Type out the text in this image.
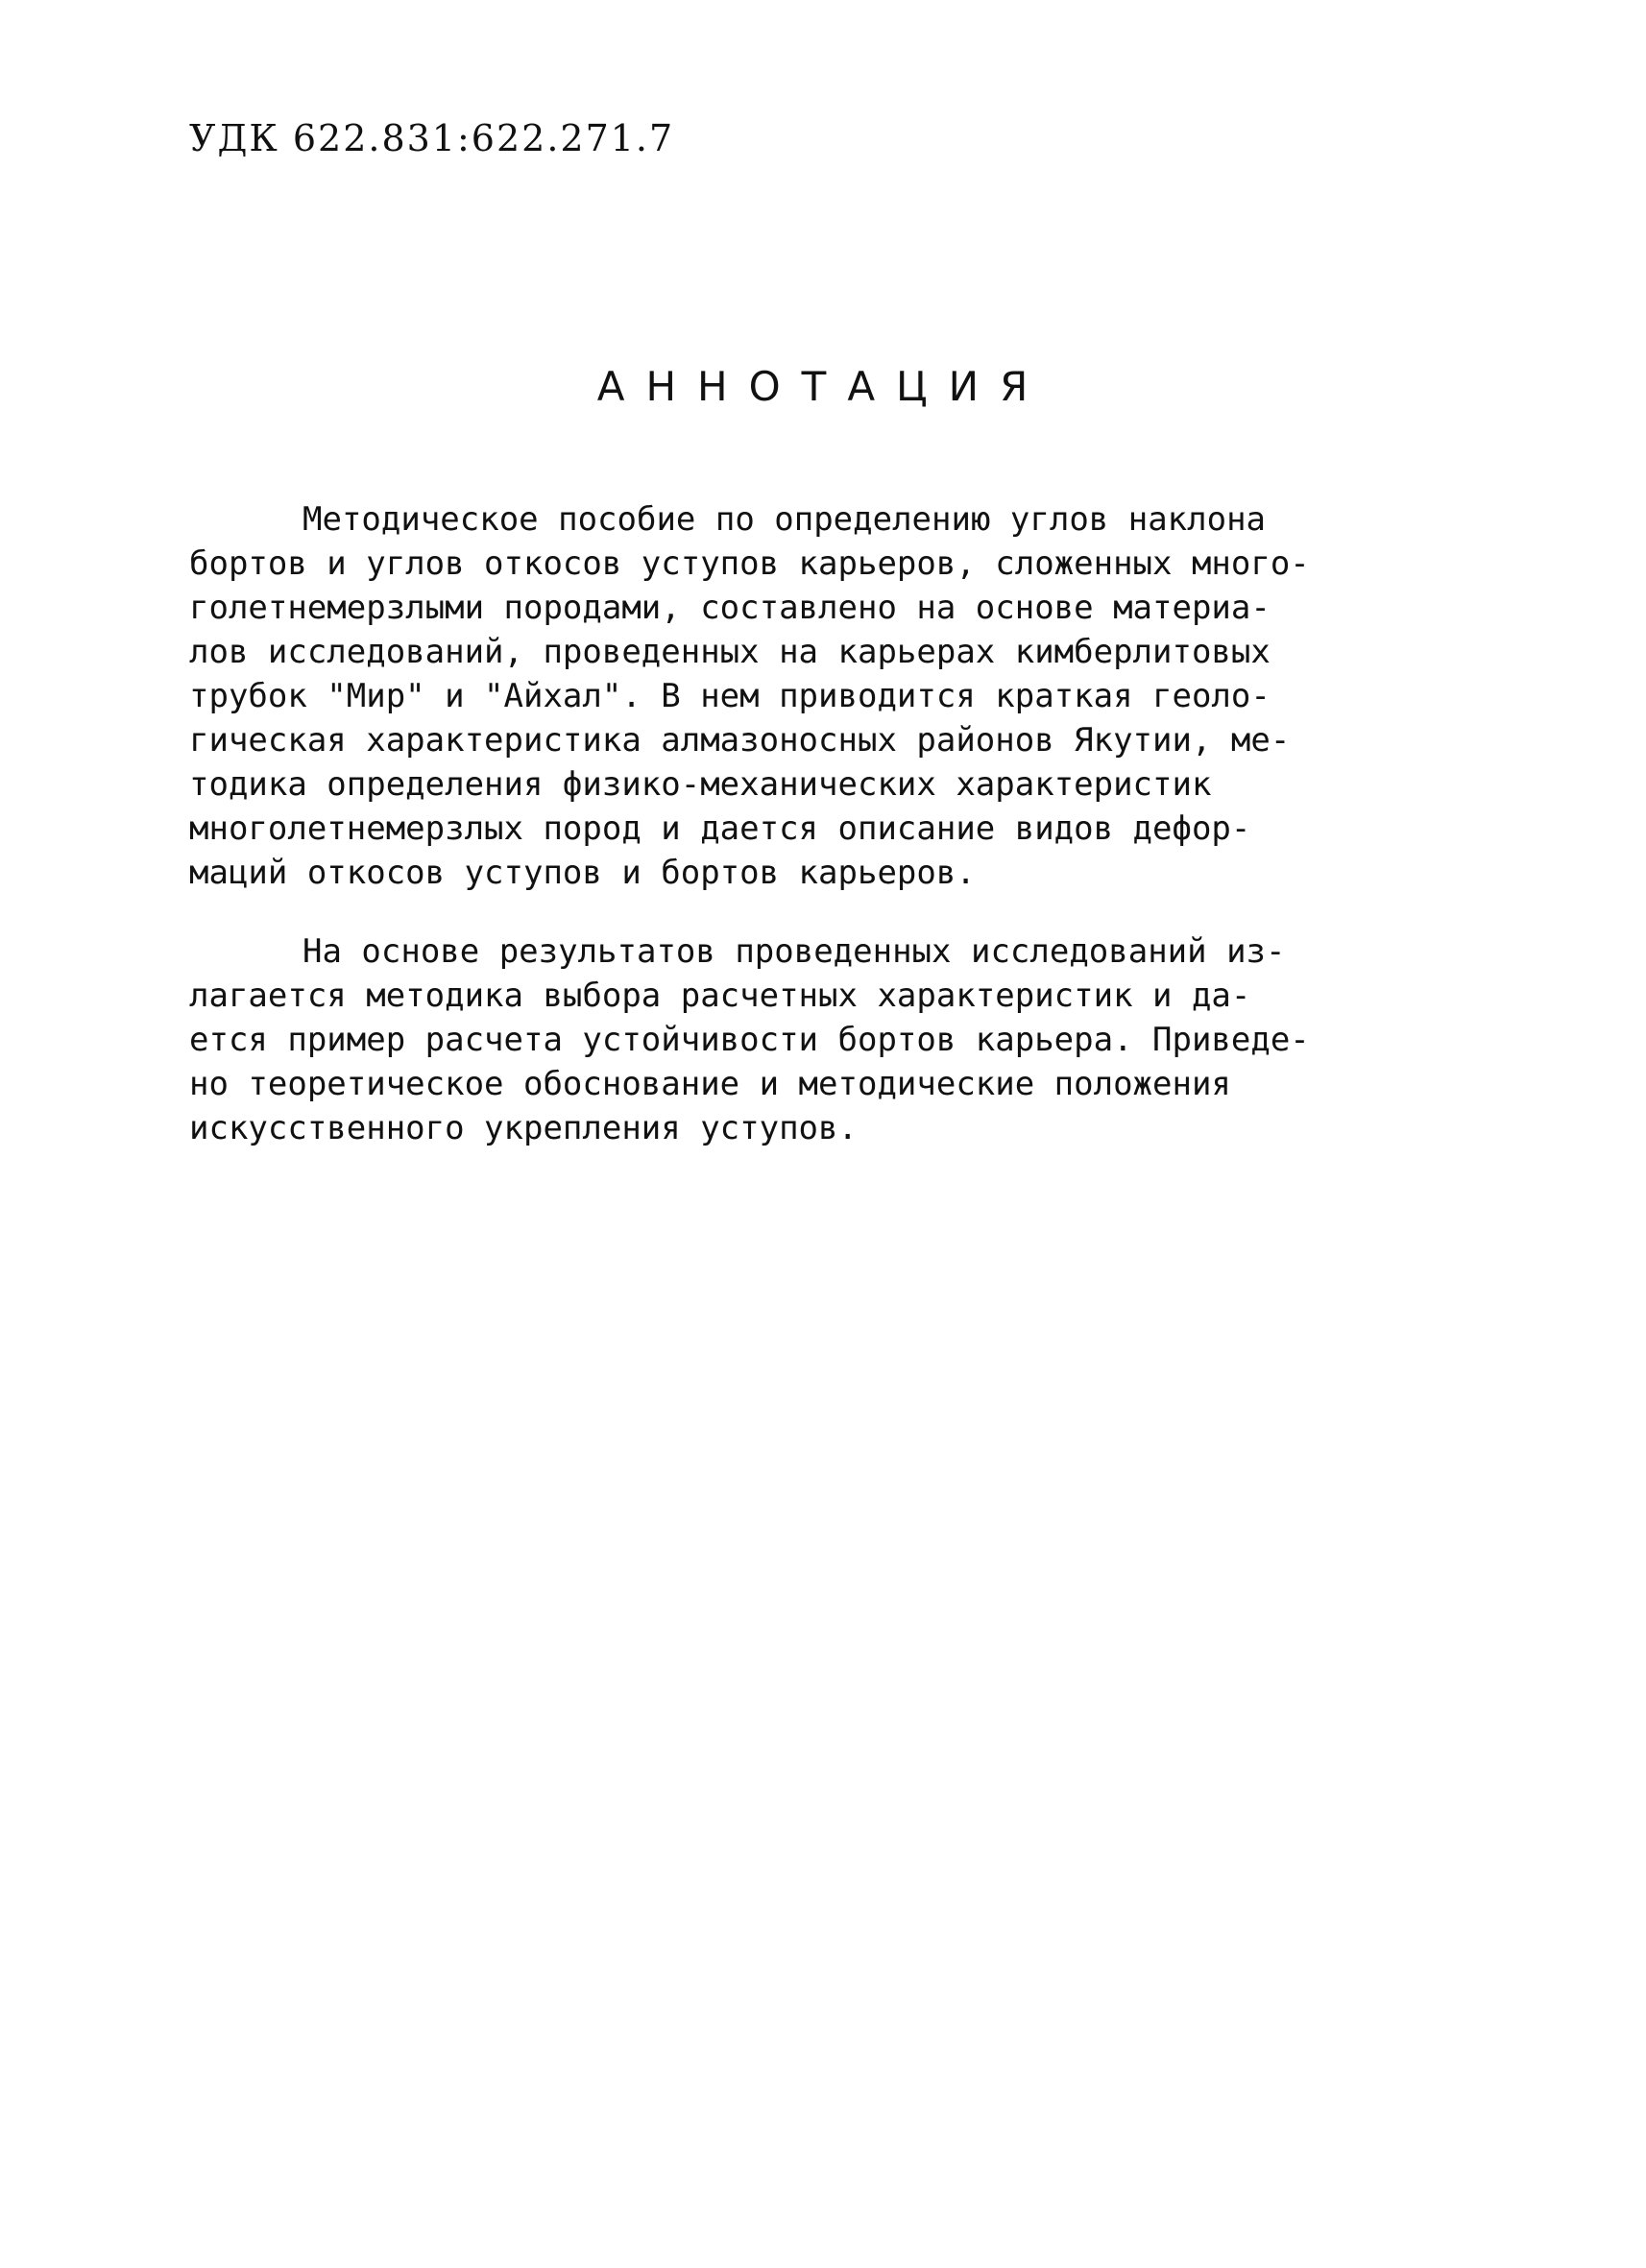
УДК 622.831:622.271.7
АННОТАЦИЯ
Методическое пособие по определению углов наклона
бортов и углов откосов уступов карьеров, сложенных много-
голетнемерзлыми породами, составлено на основе материа-
лов исследований, проведенных на карьерах кимберлитовых
трубок "Мир" и "Айхал". В нем приводится краткая геоло-
гическая характеристика алмазоносных районов Якутии, ме-
тодика определения физико-механических характеристик
многолетнемерзлых пород и дается описание видов дефор-
маций откосов уступов и бортов карьеров.
На основе результатов проведенных исследований из-
лагается методика выбора расчетных характеристик и да-
ется пример расчета устойчивости бортов карьера. Приведе-
но теоретическое обоснование и методические положения
искусственного укрепления уступов.
